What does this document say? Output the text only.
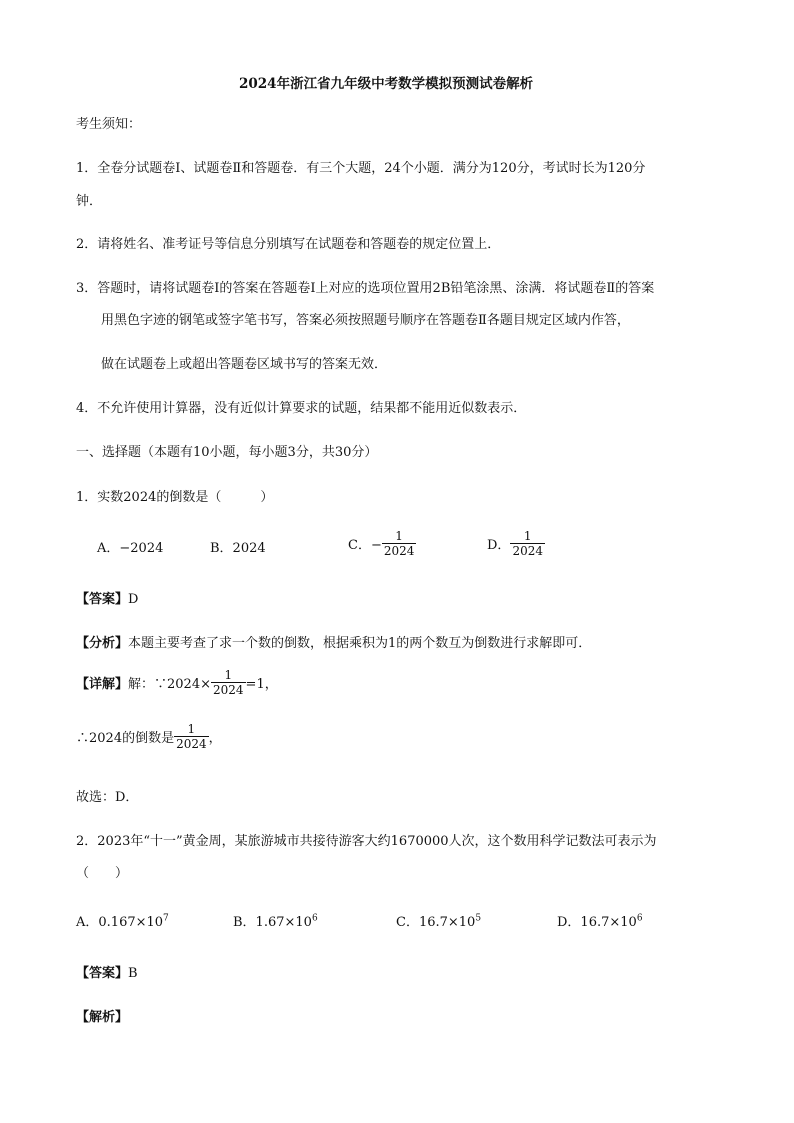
2024年浙江省九年级中考数学模拟预测试卷解析
考生须知：
1．全卷分试题卷Ⅰ、试题卷Ⅱ和答题卷．有三个大题，24个小题．满分为120分，考试时长为120分
钟．
2．请将姓名、准考证号等信息分别填写在试题卷和答题卷的规定位置上．
3．答题时，请将试题卷Ⅰ的答案在答题卷Ⅰ上对应的选项位置用2B铅笔涂黑、涂满．将试题卷Ⅱ的答案
用黑色字迹的钢笔或签字笔书写，答案必须按照题号顺序在答题卷Ⅱ各题目规定区域内作答，
做在试题卷上或超出答题卷区域书写的答案无效．
4．不允许使用计算器，没有近似计算要求的试题，结果都不能用近似数表示．
一、选择题（本题有10小题，每小题3分，共30分）
1．实数2024的倒数是（　　　）
A．−2024	B．2024	C．− $\frac{1}{2024}$	D． $\frac{1}{2024}$
【答案】D
【分析】本题主要考查了求一个数的倒数，根据乘积为1的两个数互为倒数进行求解即可．
【详解】解：∵2024× $\frac{1}{2024} =1$，
∴2024的倒数是 $\frac{1}{2024}$ ，
故选：D．
2．2023年“十一”黄金周，某旅游城市共接待游客大约1670000人次，这个数用科学记数法可表示为
（　　）
A．$0.167\times 10^7$	B．$1.67\times 10^6$	C．$16.7\times 10^5$	D．$16.7\times 10^6$
【答案】B
【解析】
